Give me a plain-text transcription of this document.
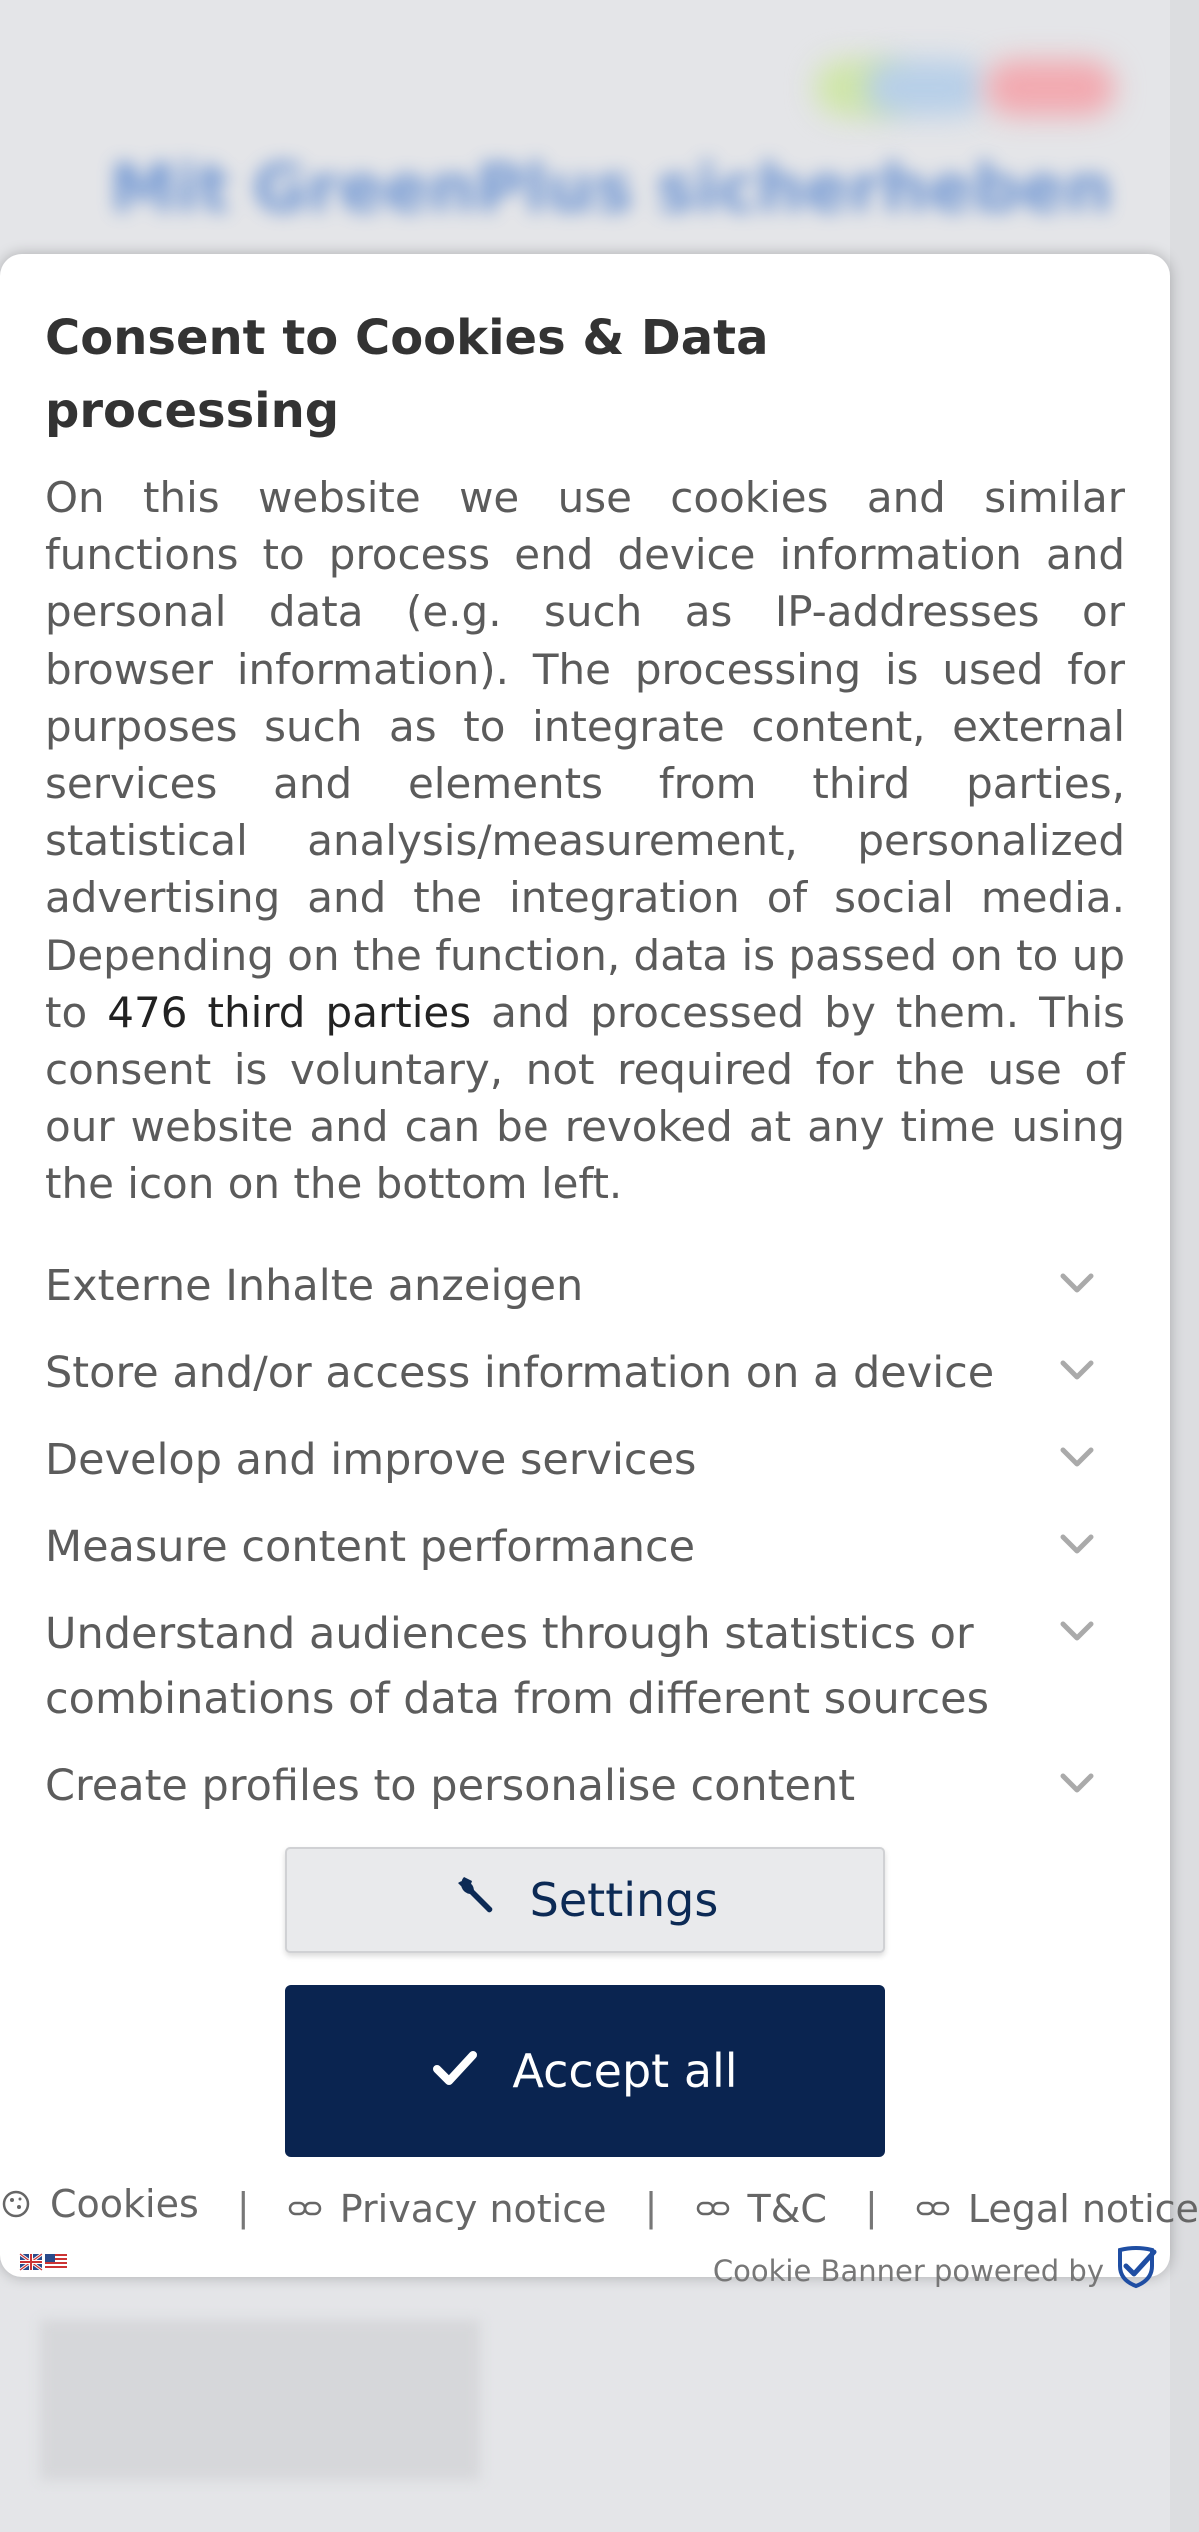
Mit GreenPlus sicherheben
Consent to Cookies & Data processing
On this website we use cookies and similar functions to process end device information and personal data (e.g. such as IP-addresses or browser information). The processing is used for purposes such as to integrate content, external services and elements from third parties, statistical analysis/measurement, personalized advertising and the integration of social media. Depending on the function, data is passed on to up to 476 third parties and processed by them. This consent is voluntary, not required for the use of our website and can be revoked at any time using the icon on the bottom left.
Externe Inhalte anzeigen
Store and/or access information on a device
Develop and improve services
Measure content performance
Understand audiences through statistics or combinations of data from different sources
Create profiles to personalise content
Settings
Accept all
Cookies | Privacy notice | T&C | Legal notice
Cookie Banner powered by
